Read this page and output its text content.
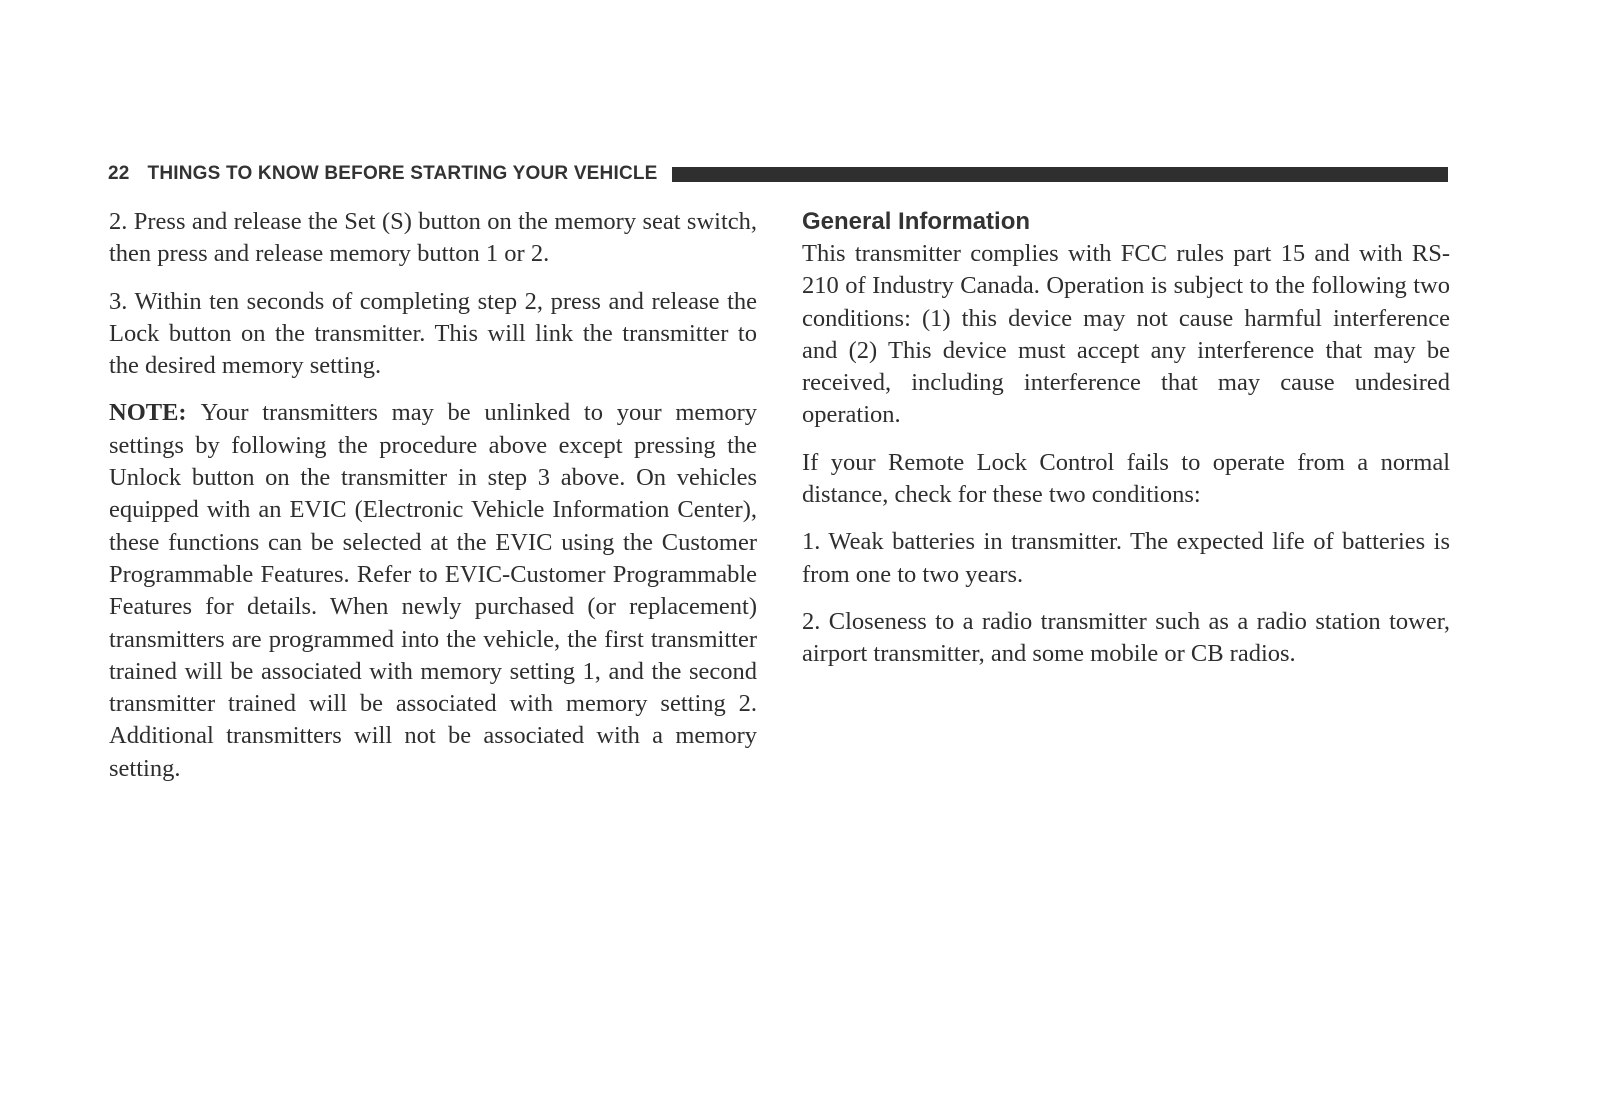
22 THINGS TO KNOW BEFORE STARTING YOUR VEHICLE

2. Press and release the Set (S) button on the memory seat switch, then press and release memory button 1 or 2.

3. Within ten seconds of completing step 2, press and release the Lock button on the transmitter. This will link the transmitter to the desired memory setting.

NOTE: Your transmitters may be unlinked to your memory settings by following the procedure above except pressing the Unlock button on the transmitter in step 3 above. On vehicles equipped with an EVIC (Electronic Vehicle Information Center), these functions can be selected at the EVIC using the Customer Programmable Features. Refer to EVIC-Customer Programmable Features for details. When newly purchased (or replacement) transmitters are programmed into the vehicle, the first transmitter trained will be associated with memory setting 1, and the second transmitter trained will be associated with memory setting 2. Additional transmitters will not be associated with a memory setting.

General Information

This transmitter complies with FCC rules part 15 and with RS-210 of Industry Canada. Operation is subject to the following two conditions: (1) this device may not cause harmful interference and (2) This device must accept any interference that may be received, including interference that may cause undesired operation.

If your Remote Lock Control fails to operate from a normal distance, check for these two conditions:

1. Weak batteries in transmitter. The expected life of batteries is from one to two years.

2. Closeness to a radio transmitter such as a radio station tower, airport transmitter, and some mobile or CB radios.
